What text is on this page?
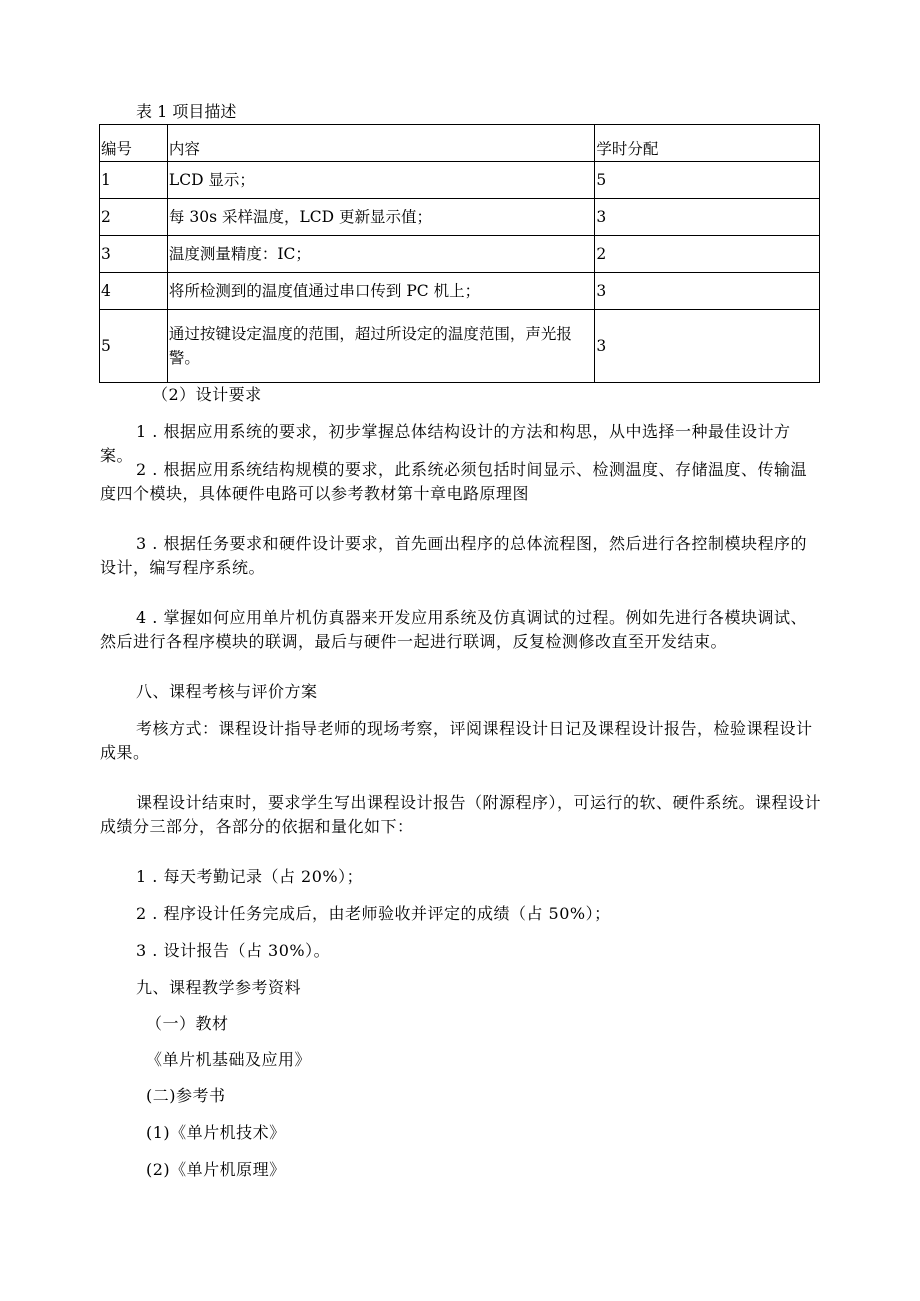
表 1 项目描述
编号	内容	学时分配
1	LCD 显示；	5
2	每 30s 采样温度，LCD 更新显示值；	3
3	温度测量精度：IC；	2
4	将所检测到的温度值通过串口传到 PC 机上；	3
5	通过按键设定温度的范围，超过所设定的温度范围，声光报警。	3
（2）设计要求
1 . 根据应用系统的要求，初步掌握总体结构设计的方法和构思，从中选择一种最佳设计方案。
2 . 根据应用系统结构规模的要求，此系统必须包括时间显示、检测温度、存储温度、传输温度四个模块，具体硬件电路可以参考教材第十章电路原理图
3 . 根据任务要求和硬件设计要求，首先画出程序的总体流程图，然后进行各控制模块程序的设计，编写程序系统。
4 . 掌握如何应用单片机仿真器来开发应用系统及仿真调试的过程。例如先进行各模块调试、然后进行各程序模块的联调，最后与硬件一起进行联调，反复检测修改直至开发结束。
八、课程考核与评价方案
考核方式：课程设计指导老师的现场考察，评阅课程设计日记及课程设计报告，检验课程设计成果。
课程设计结束时，要求学生写出课程设计报告（附源程序），可运行的软、硬件系统。课程设计成绩分三部分，各部分的依据和量化如下：
1 . 每天考勤记录（占 20%）；
2 . 程序设计任务完成后，由老师验收并评定的成绩（占 50%）；
3 . 设计报告（占 30%）。
九、课程教学参考资料
（一）教材
《单片机基础及应用》
(二)参考书
(1)《单片机技术》
(2)《单片机原理》
